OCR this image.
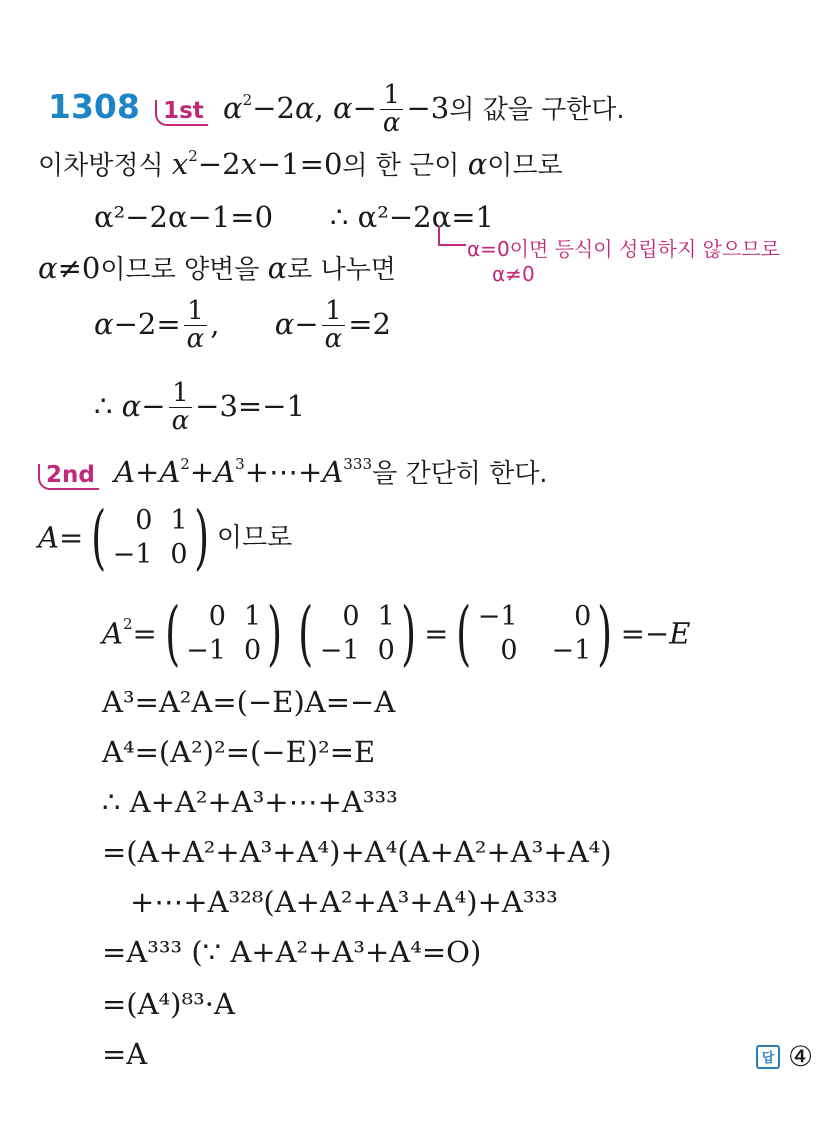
1308 1st $\alpha^2-2\alpha$, $\alpha- \frac{1}{\alpha} -3$의 값을 구한다.
이차방정식 $x^2-2x-1=0$의 한 근이 α이므로
α²−2α−1=0 ∴ α²−2α=1
α=0이면 등식이 성립하지 않으므로
α≠0
α≠0이므로 양변을 α로 나누면
$\alpha-2= \frac{1}{\alpha}$ ,      $\alpha- \frac{1}{\alpha} =2$
∴ $\alpha- \frac{1}{\alpha} -3=-1$
2nd $A+A^2+A^3+\cdots+A^{333}$을 간단히 한다.
A= (	0 1
−1 0 ) 이므로
$A^2=$ (	0 1
−1 0 ) (	0 1
−1 0 ) = ( −1	0
0 −1 ) =−E
A³=A²A=(−E)A=−A
A⁴=(A²)²=(−E)²=E
∴ A+A²+A³+⋯+A³³³
=(A+A²+A³+A⁴)+A⁴(A+A²+A³+A⁴)
+⋯+A³²⁸(A+A²+A³+A⁴)+A³³³
=A³³³ (∵ A+A²+A³+A⁴=O)
=(A⁴)⁸³·A
=A	답 ④
